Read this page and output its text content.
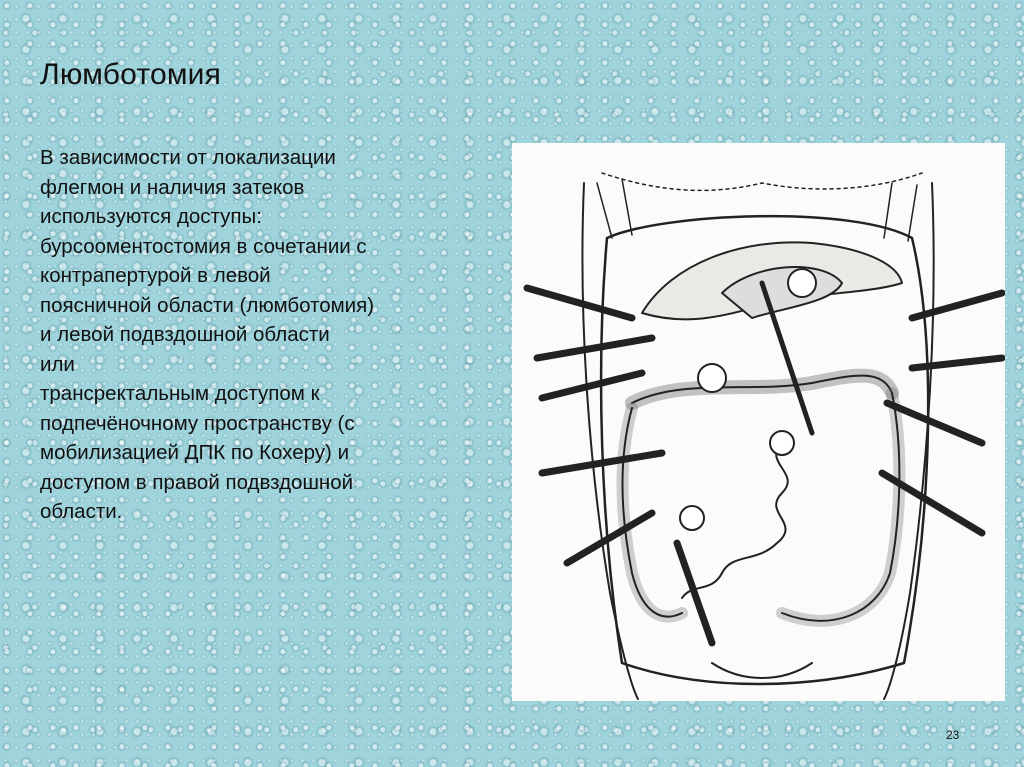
Люмботомия
В зависимости от локализации
флегмон и наличия затеков
используются доступы:
бурсооментостомия в сочетании с
контрапертурой в левой
поясничной области (люмботомия)
и левой подвздошной области
или
трансректальным доступом к
подпечёночному пространству (с
мобилизацией ДПК по Кохеру) и
доступом в правой подвздошной
области.
23
